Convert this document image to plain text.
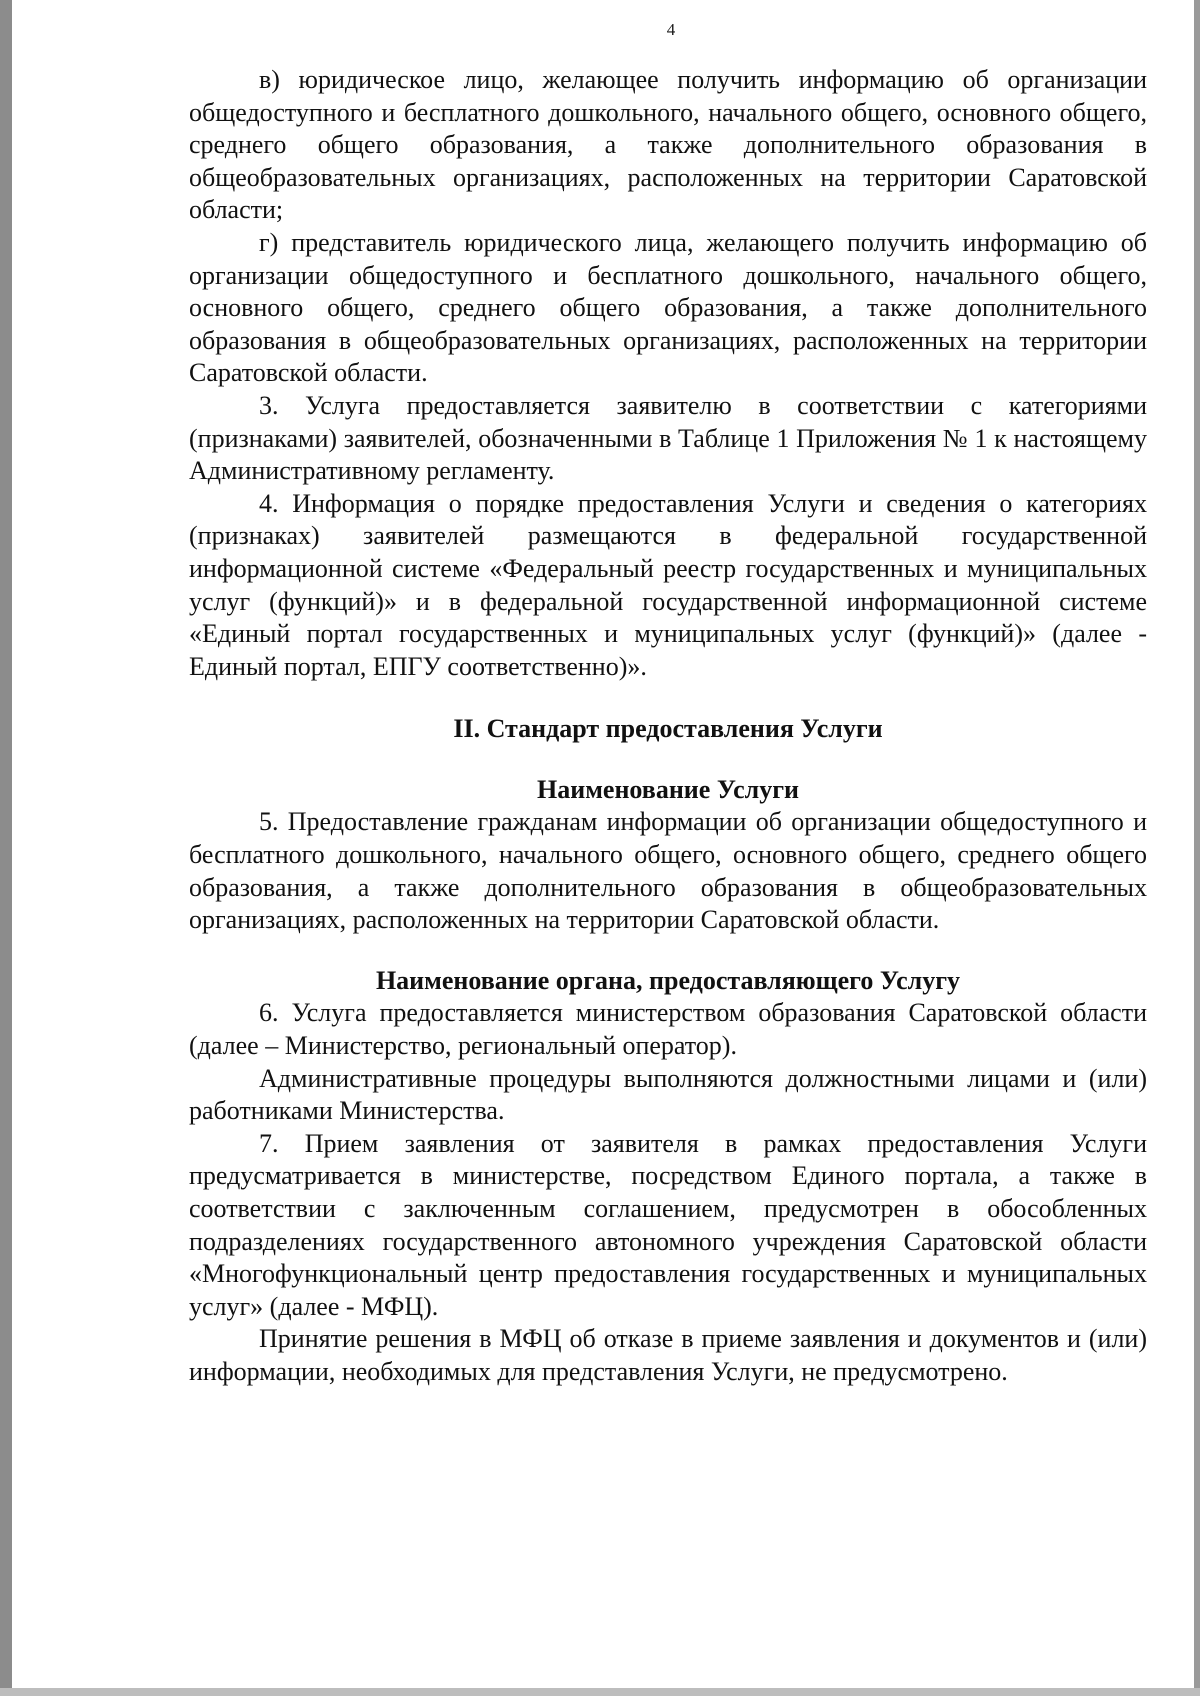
4

в) юридическое лицо, желающее получить информацию об организации общедоступного и бесплатного дошкольного, начального общего, основного общего, среднего общего образования, а также дополнительного образования в общеобразовательных организациях, расположенных на территории Саратовской области;

г) представитель юридического лица, желающего получить информацию об организации общедоступного и бесплатного дошкольного, начального общего, основного общего, среднего общего образования, а также дополнительного образования в общеобразовательных организациях, расположенных на территории Саратовской области.

3. Услуга предоставляется заявителю в соответствии с категориями (признаками) заявителей, обозначенными в Таблице 1 Приложения № 1 к настоящему Административному регламенту.

4. Информация о порядке предоставления Услуги и сведения о категориях (признаках) заявителей размещаются в федеральной государственной информационной системе «Федеральный реестр государственных и муниципальных услуг (функций)» и в федеральной государственной информационной системе «Единый портал государственных и муниципальных услуг (функций)» (далее - Единый портал, ЕПГУ соответственно)».

II. Стандарт предоставления Услуги

Наименование Услуги

5. Предоставление гражданам информации об организации общедоступного и бесплатного дошкольного, начального общего, основного общего, среднего общего образования, а также дополнительного образования в общеобразовательных организациях, расположенных на территории Саратовской области.

Наименование органа, предоставляющего Услугу

6. Услуга предоставляется министерством образования Саратовской области (далее – Министерство, региональный оператор).

Административные процедуры выполняются должностными лицами и (или) работниками Министерства.

7. Прием заявления от заявителя в рамках предоставления Услуги предусматривается в министерстве, посредством Единого портала, а также в соответствии с заключенным соглашением, предусмотрен в обособленных подразделениях государственного автономного учреждения Саратовской области «Многофункциональный центр предоставления государственных и муниципальных услуг» (далее - МФЦ).

Принятие решения в МФЦ об отказе в приеме заявления и документов и (или) информации, необходимых для представления Услуги, не предусмотрено.
